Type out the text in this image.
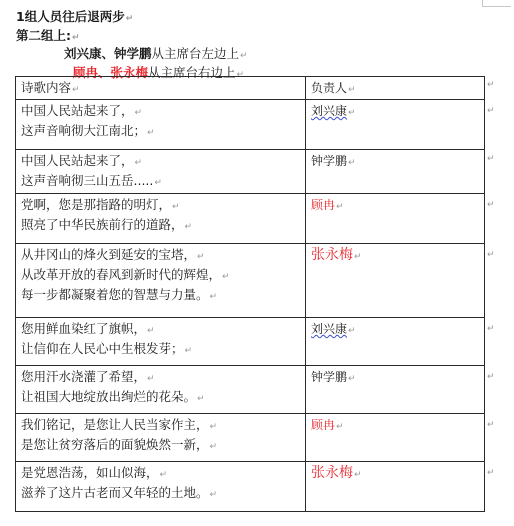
1组人员往后退两步↵
第二组上:↵
刘兴康、钟学鹏从主席台左边上↵
顾冉、张永梅从主席台右边上↵
诗歌内容↵	负责人↵

中国人民站起来了，↵
这声音响彻大江南北；↵	刘兴康↵

中国人民站起来了，↵
这声音响彻三山五岳.....↵	钟学鹏↵

党啊，您是那指路的明灯，↵
照亮了中华民族前行的道路，↵	顾冉↵

从井冈山的烽火到延安的宝塔，↵
从改革开放的春风到新时代的辉煌，↵
每一步都凝聚着您的智慧与力量。↵	张永梅↵

您用鲜血染红了旗帜，↵
让信仰在人民心中生根发芽；↵	刘兴康↵

您用汗水浇灌了希望，↵
让祖国大地绽放出绚烂的花朵。↵	钟学鹏↵

我们铭记，是您让人民当家作主，↵
是您让贫穷落后的面貌焕然一新，↵	顾冉↵

是党恩浩荡，如山似海，↵
滋养了这片古老而又年轻的土地。↵	张永梅↵
↵
↵
↵
↵
↵
↵
↵
↵
↵
